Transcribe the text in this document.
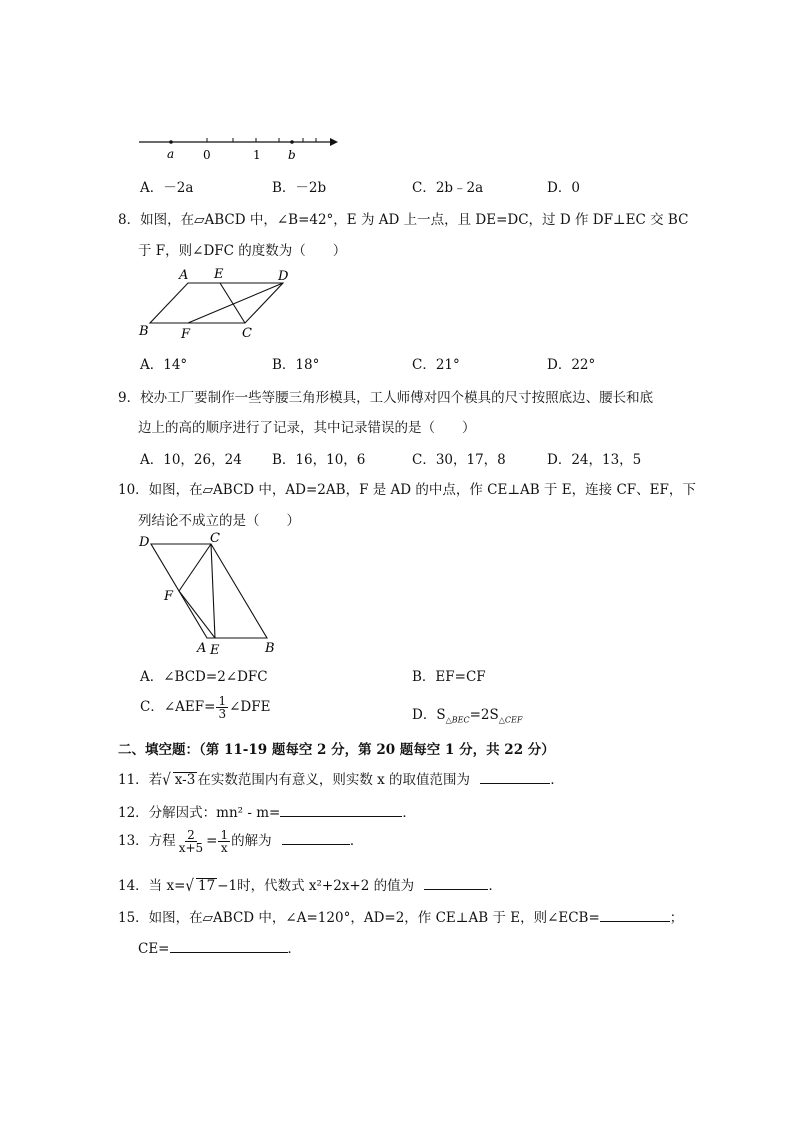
a 0	1 b
A．－2a	B．－2b	C．2b﹣2a	D．0
8．如图，在▱ABCD 中，∠B=42°，E 为 AD 上一点，且 DE=DC，过 D 作 DF⊥EC 交 BC
于 F，则∠DFC 的度数为（　　）
A E	D
B F	C
A．14°	B．18°	C．21°	D．22°
9．校办工厂要制作一些等腰三角形模具，工人师傅对四个模具的尺寸按照底边、腰长和底
边上的高的顺序进行了记录，其中记录错误的是（　　）
A．10，26，24 B．16，10，6	C．30，17，8	D．24，13，5
10．如图，在▱ABCD 中，AD=2AB，F 是 AD 的中点，作 CE⊥AB 于 E，连接 CF、EF，下
列结论不成立的是（　　）
D	C
F
A E	B
A．∠BCD=2∠DFC	B．EF=CF
C．∠AEF= $\frac{1}{3}$ ∠DFE	D．$S_{\triangle BEC}=2S_{\triangle CEF}$
二、填空题：（第 11-19 题每空 2 分，第 20 题每空 1 分，共 22 分）
11．若√ x-3 在实数范围内有意义，则实数 x 的取值范围为	．
12．分解因式：mn² - m=	．
13．方程 $\frac{2}{x+5} = \frac{1}{x}$ 的解为	．
14．当 x=√ 17 −1时，代数式 x²+2x+2 的值为	．
15．如图，在▱ABCD 中，∠A=120°，AD=2，作 CE⊥AB 于 E，则∠ECB=	；
CE=	．
